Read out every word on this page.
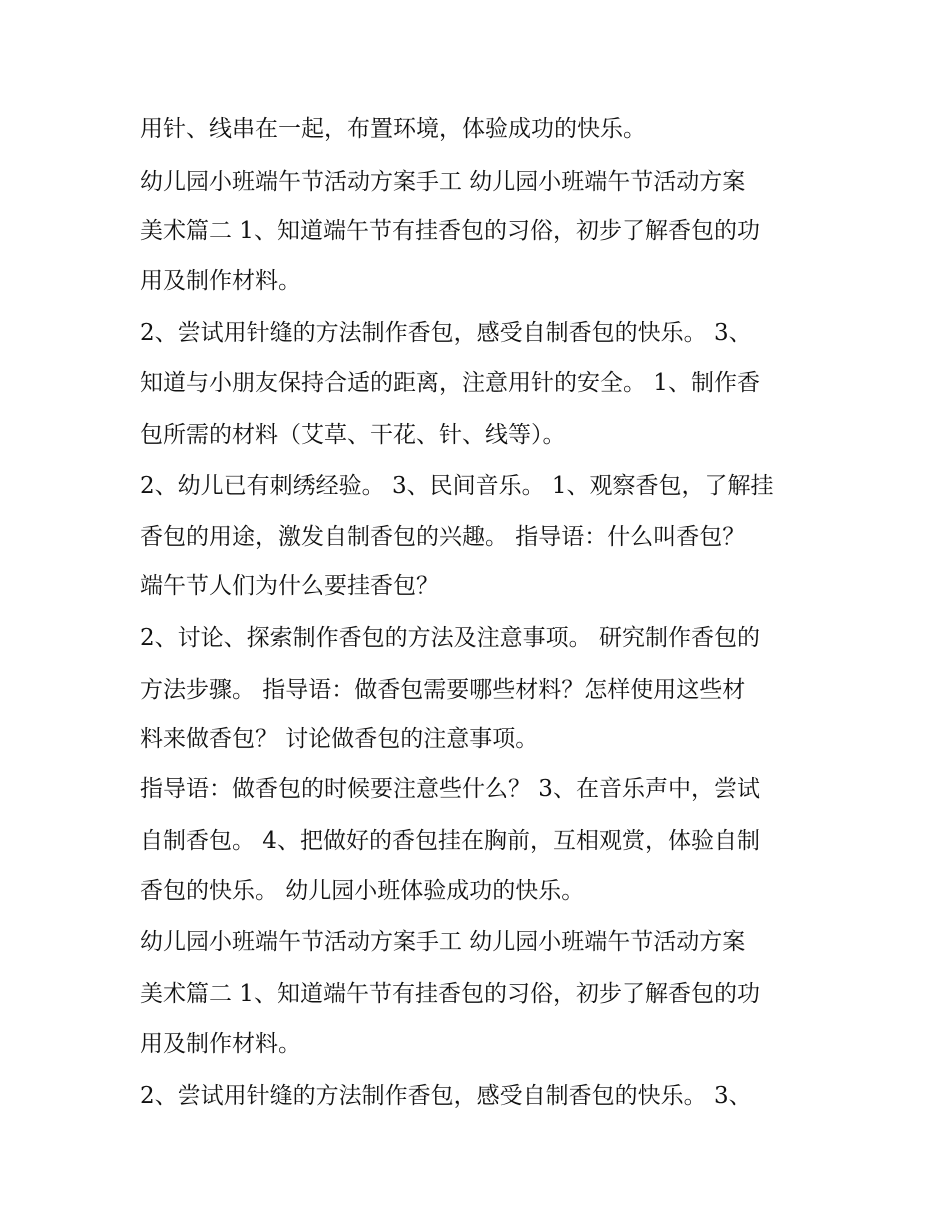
用针、线串在一起，布置环境，体验成功的快乐。
幼儿园小班端午节活动方案手工 幼儿园小班端午节活动方案
美术篇二 1、知道端午节有挂香包的习俗，初步了解香包的功
用及制作材料。
2、尝试用针缝的方法制作香包，感受自制香包的快乐。 3、
知道与小朋友保持合适的距离，注意用针的安全。 1、制作香
包所需的材料（艾草、干花、针、线等）。
2、幼儿已有刺绣经验。 3、民间音乐。 1、观察香包，了解挂
香包的用途，激发自制香包的兴趣。 指导语：什么叫香包？
端午节人们为什么要挂香包？
2、讨论、探索制作香包的方法及注意事项。 研究制作香包的
方法步骤。 指导语：做香包需要哪些材料？怎样使用这些材
料来做香包？ 讨论做香包的注意事项。
指导语：做香包的时候要注意些什么？ 3、在音乐声中，尝试
自制香包。 4、把做好的香包挂在胸前，互相观赏，体验自制
香包的快乐。 幼儿园小班体验成功的快乐。
幼儿园小班端午节活动方案手工 幼儿园小班端午节活动方案
美术篇二 1、知道端午节有挂香包的习俗，初步了解香包的功
用及制作材料。
2、尝试用针缝的方法制作香包，感受自制香包的快乐。 3、
